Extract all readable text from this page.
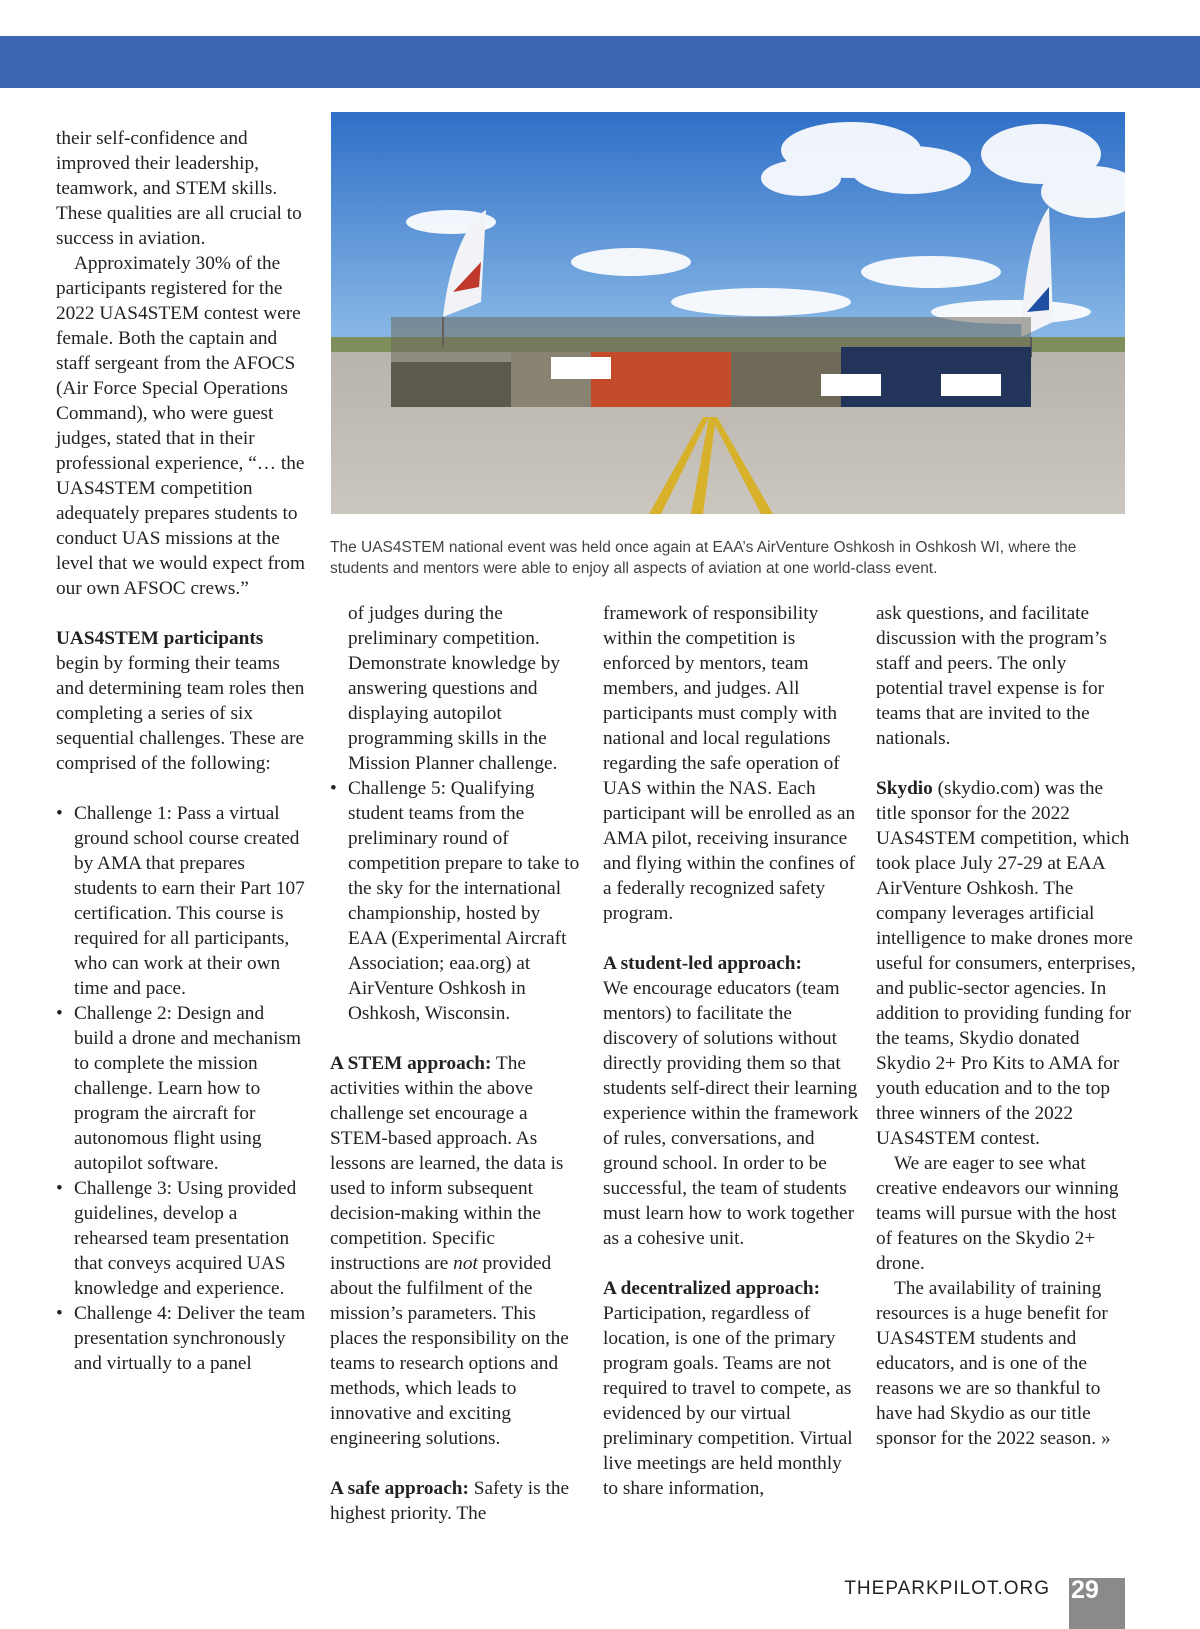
their self-confidence and improved their leadership, teamwork, and STEM skills. These qualities are all crucial to success in aviation.

Approximately 30% of the participants registered for the 2022 UAS4STEM contest were female. Both the captain and staff sergeant from the AFOCS (Air Force Special Operations Command), who were guest judges, stated that in their professional experience, “… the UAS4STEM competition adequately prepares students to conduct UAS missions at the level that we would expect from our own AFSOC crews.”

UAS4STEM participants
begin by forming their teams and determining team roles then completing a series of six sequential challenges. These are comprised of the following:

• Challenge 1: Pass a virtual ground school course created by AMA that prepares students to earn their Part 107 certification. This course is required for all participants, who can work at their own time and pace.
• Challenge 2: Design and build a drone and mechanism to complete the mission challenge. Learn how to program the aircraft for autonomous flight using autopilot software.
• Challenge 3: Using provided guidelines, develop a rehearsed team presentation that conveys acquired UAS knowledge and experience.
• Challenge 4: Deliver the team presentation synchronously and virtually to a panel
The UAS4STEM national event was held once again at EAA’s AirVenture Oshkosh in Oshkosh WI, where the students and mentors were able to enjoy all aspects of aviation at one world-class event.

of judges during the preliminary competition. Demonstrate knowledge by answering questions and displaying autopilot programming skills in the Mission Planner challenge.

• Challenge 5: Qualifying student teams from the preliminary round of competition prepare to take to the sky for the international championship, hosted by EAA (Experimental Aircraft Association; eaa.org) at AirVenture Oshkosh in Oshkosh, Wisconsin.

A STEM approach: The activities within the above challenge set encourage a STEM-based approach. As lessons are learned, the data is used to inform subsequent decision-making within the competition. Specific instructions are not provided about the fulfilment of the mission’s parameters. This places the responsibility on the teams to research options and methods, which leads to innovative and exciting engineering solutions.

A safe approach: Safety is the highest priority. The

framework of responsibility within the competition is enforced by mentors, team members, and judges. All participants must comply with national and local regulations regarding the safe operation of UAS within the NAS. Each participant will be enrolled as an AMA pilot, receiving insurance and flying within the confines of a federally recognized safety program.

A student-led approach:
We encourage educators (team mentors) to facilitate the discovery of solutions without directly providing them so that students self-direct their learning experience within the framework of rules, conversations, and ground school. In order to be successful, the team of students must learn how to work together as a cohesive unit.

A decentralized approach:
Participation, regardless of location, is one of the primary program goals. Teams are not required to travel to compete, as evidenced by our virtual preliminary competition. Virtual live meetings are held monthly to share information,

ask questions, and facilitate discussion with the program’s staff and peers. The only potential travel expense is for teams that are invited to the nationals.

Skydio (skydio.com) was the title sponsor for the 2022 UAS4STEM competition, which took place July 27-29 at EAA AirVenture Oshkosh. The company leverages artificial intelligence to make drones more useful for consumers, enterprises, and public-sector agencies. In addition to providing funding for the teams, Skydio donated Skydio 2+ Pro Kits to AMA for youth education and to the top three winners of the 2022 UAS4STEM contest.

We are eager to see what creative endeavors our winning teams will pursue with the host of features on the Skydio 2+ drone.

The availability of training resources is a huge benefit for UAS4STEM students and educators, and is one of the reasons we are so thankful to have had Skydio as our title sponsor for the 2022 season. »

THEPARKPILOT.ORG 29
